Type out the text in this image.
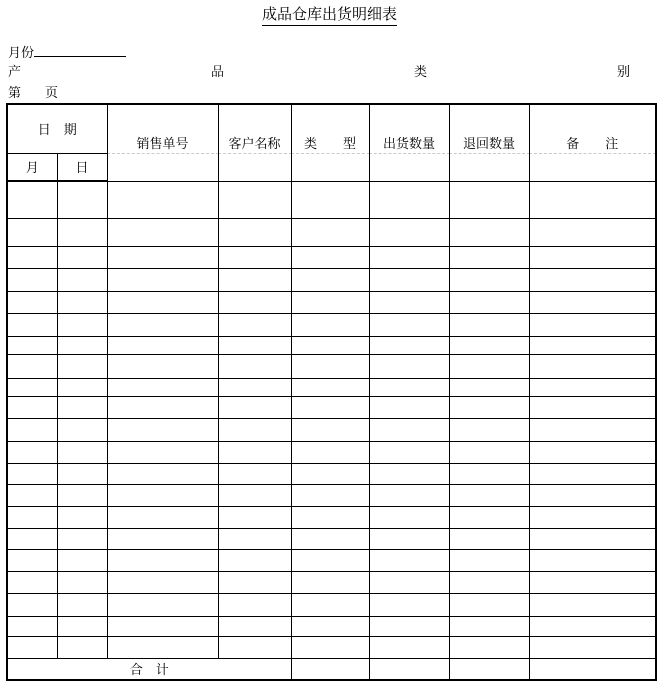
成品仓库出货明细表
月份
产	品	类	别
第 页
日　期		销售单号	客户名称	类　　型	出货数量	退回数量	备　　注
月	日						

合　计							
